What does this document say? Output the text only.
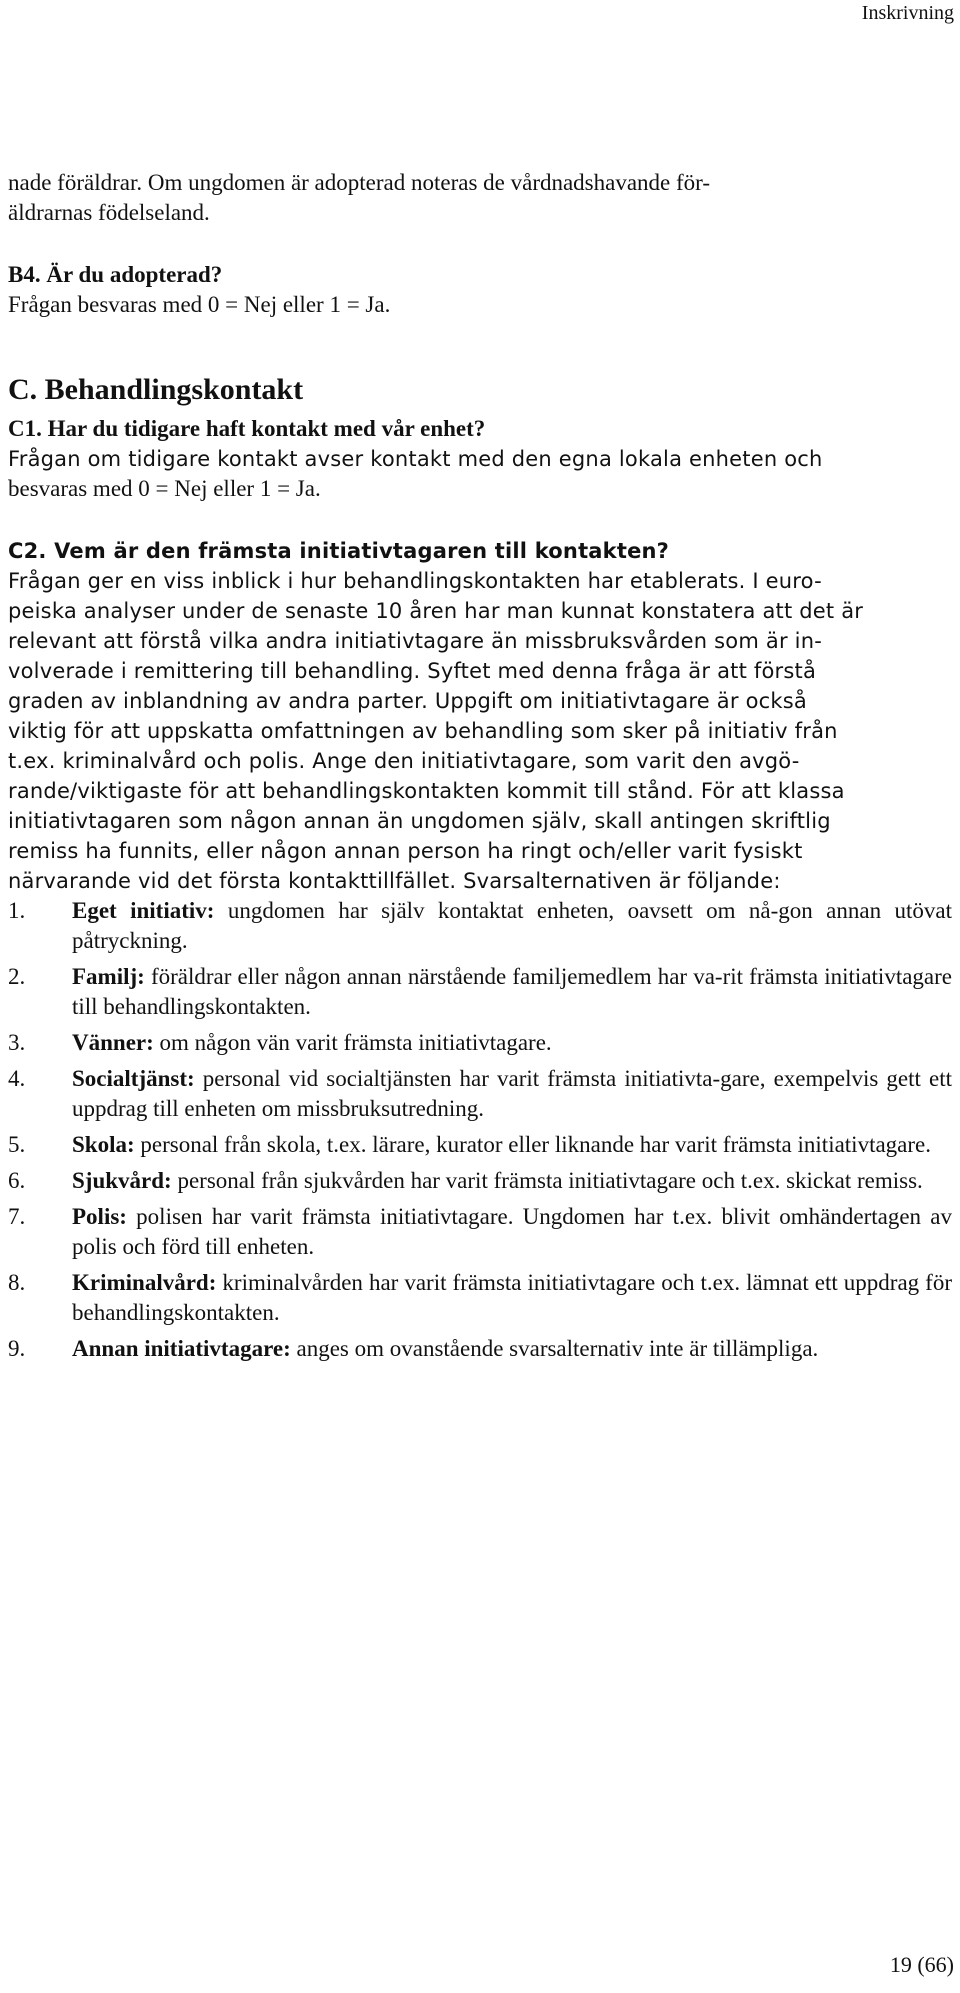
Inskrivning

nade föräldrar. Om ungdomen är adopterad noteras de vårdnadshavande för-
äldrarnas födelseland.

B4. Är du adopterad?
Frågan besvaras med 0 = Nej eller 1 = Ja.

C. Behandlingskontakt

C1. Har du tidigare haft kontakt med vår enhet?
Frågan om tidigare kontakt avser kontakt med den egna lokala enheten och
besvaras med 0 = Nej eller 1 = Ja.

C2. Vem är den främsta initiativtagaren till kontakten?
Frågan ger en viss inblick i hur behandlingskontakten har etablerats. I euro-
peiska analyser under de senaste 10 åren har man kunnat konstatera att det är
relevant att förstå vilka andra initiativtagare än missbruksvården som är in-
volverade i remittering till behandling. Syftet med denna fråga är att förstå
graden av inblandning av andra parter. Uppgift om initiativtagare är också
viktig för att uppskatta omfattningen av behandling som sker på initiativ från
t.ex. kriminalvård och polis. Ange den initiativtagare, som varit den avgö-
rande/viktigaste för att behandlingskontakten kommit till stånd. För att klassa
initiativtagaren som någon annan än ungdomen själv, skall antingen skriftlig
remiss ha funnits, eller någon annan person ha ringt och/eller varit fysiskt
närvarande vid det första kontakttillfället. Svarsalternativen är följande:

1.	Eget initiativ: ungdomen har själv kontaktat enheten, oavsett om nå-gon annan utövat påtryckning.
2.	Familj: föräldrar eller någon annan närstående familjemedlem har va-rit främsta initiativtagare till behandlingskontakten.
3.	Vänner: om någon vän varit främsta initiativtagare.
4.	Socialtjänst: personal vid socialtjänsten har varit främsta initiativta-gare, exempelvis gett ett uppdrag till enheten om missbruksutredning.
5.	Skola: personal från skola, t.ex. lärare, kurator eller liknande har varit främsta initiativtagare.
6.	Sjukvård: personal från sjukvården har varit främsta initiativtagare och t.ex. skickat remiss.
7.	Polis: polisen har varit främsta initiativtagare. Ungdomen har t.ex. blivit omhändertagen av polis och förd till enheten.
8.	Kriminalvård: kriminalvården har varit främsta initiativtagare och t.ex. lämnat ett uppdrag för behandlingskontakten.
9.	Annan initiativtagare: anges om ovanstående svarsalternativ inte är tillämpliga.
19 (66)
